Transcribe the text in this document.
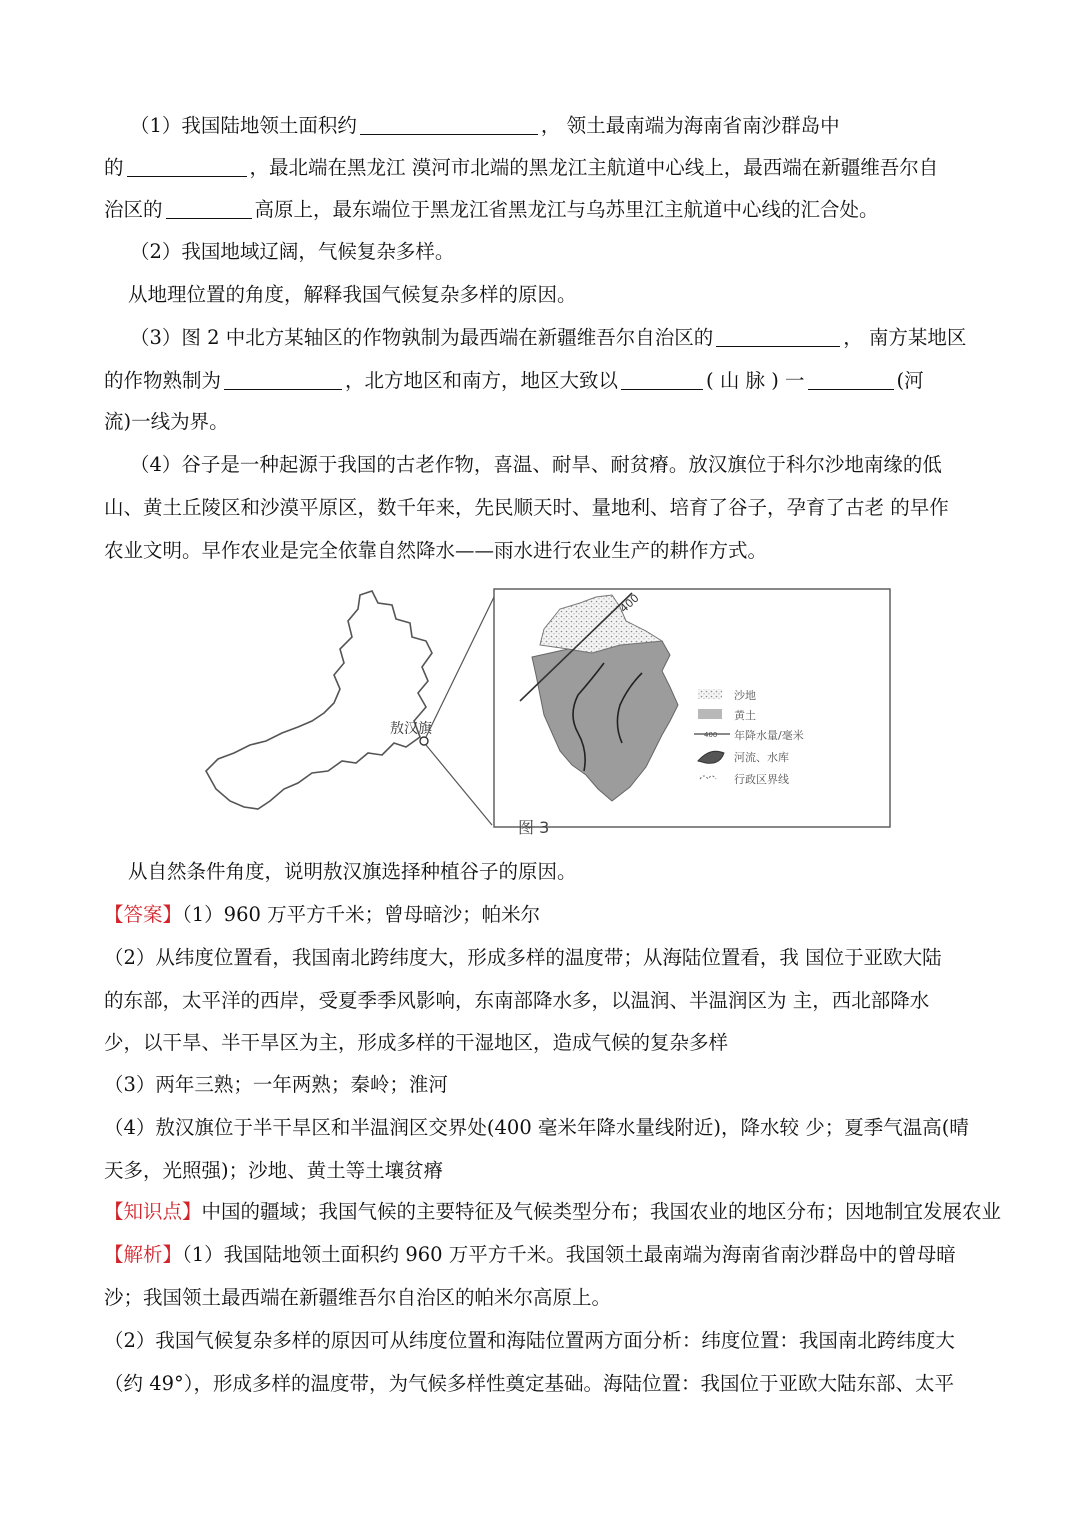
（1）我国陆地领土面积约	， 领土最南端为海南省南沙群岛中
的	，最北端在黑龙江 漠河市北端的黑龙江主航道中心线上，最西端在新疆维吾尔自
治区的	高原上，最东端位于黑龙江省黑龙江与乌苏里江主航道中心线的汇合处。
（2）我国地域辽阔，气候复杂多样。
从地理位置的角度，解释我国气候复杂多样的原因。
（3）图 2 中北方某轴区的作物孰制为最西端在新疆维吾尔自治区的	， 南方某地区
的作物熟制为	，北方地区和南方，地区大致以	( 山 脉 ) 一	(河
流)一线为界。
（4）谷子是一种起源于我国的古老作物，喜温、耐旱、耐贫瘠。放汉旗位于科尔沙地南缘的低
山、黄土丘陵区和沙漠平原区，数千年来，先民顺天时、量地利、培育了谷子，孕育了古老 的早作
农业文明。早作农业是完全依靠自然降水——雨水进行农业生产的耕作方式。
敖汉旗
400
沙地
黄土
400 年降水量/毫米
河流、水库
行政区界线
图 3
从自然条件角度，说明敖汉旗选择种植谷子的原因。
【答案】（1）960 万平方千米；曾母暗沙；帕米尔
（2）从纬度位置看，我国南北跨纬度大，形成多样的温度带；从海陆位置看，我 国位于亚欧大陆
的东部，太平洋的西岸，受夏季季风影响，东南部降水多，以温润、半温润区为 主，西北部降水
少，以干旱、半干旱区为主，形成多样的干湿地区，造成气候的复杂多样
（3）两年三熟；一年两熟；秦岭；淮河
（4）敖汉旗位于半干旱区和半温润区交界处(400 毫米年降水量线附近)，降水较 少；夏季气温高(晴
天多，光照强)；沙地、黄土等土壤贫瘠
【知识点】中国的疆域；我国气候的主要特征及气候类型分布；我国农业的地区分布；因地制宜发展农业
【解析】（1）我国陆地领土面积约 960 万平方千米。我国领土最南端为海南省南沙群岛中的曾母暗
沙；我国领土最西端在新疆维吾尔自治区的帕米尔高原上。
（2）我国气候复杂多样的原因可从纬度位置和海陆位置两方面分析：纬度位置：我国南北跨纬度大
（约 49°），形成多样的温度带，为气候多样性奠定基础。海陆位置：我国位于亚欧大陆东部、太平
